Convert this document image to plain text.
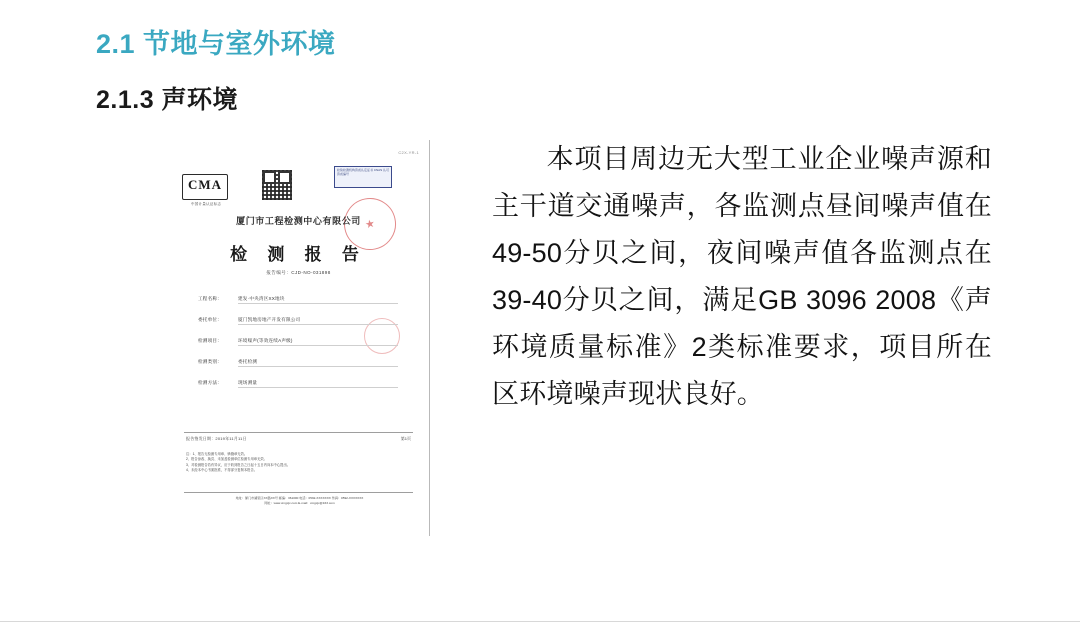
2.1 节地与室外环境
2.1.3 声环境
C2X-YR-1
CMA
中国计量认证标志
检验检测机构资质认定证书 CNAS 认可资质编号
★
厦门市工程检测中心有限公司
检 测 报 告
报告编号：CJD-NO-031898
工程名称：	建发·中央湾区XX地块
委托单位：	厦门凯地房地产开发有限公司
检测项目：	环境噪声(等效连续A声级)
检测类别：	委托检测
检测方法：	现场测量
报告签发日期：2019年11月11日	第1页
注：1、报告无检测专用章、骑缝章无效。
2、报告涂改、换页、未加盖检测单位检测专用章无效。
3、对检测报告若有异议，应于收到报告之日起十五日内向本中心提出。
4、未经本中心书面批准，不得部分复制本报告。
地址：厦门市湖里区XX路XX号 邮编：361000 电话：0592-XXXXXXX 传真：0592-XXXXXXX
网址：www.xmgcjc.com E-mail：xmgcjc@163.com
本项目周边无大型工业企业噪声源和主干道交通噪声，各监测点昼间噪声值在49-50分贝之间，夜间噪声值各监测点在39-40分贝之间，满足GB 3096 2008《声环境质量标准》2类标准要求，项目所在区环境噪声现状良好。
